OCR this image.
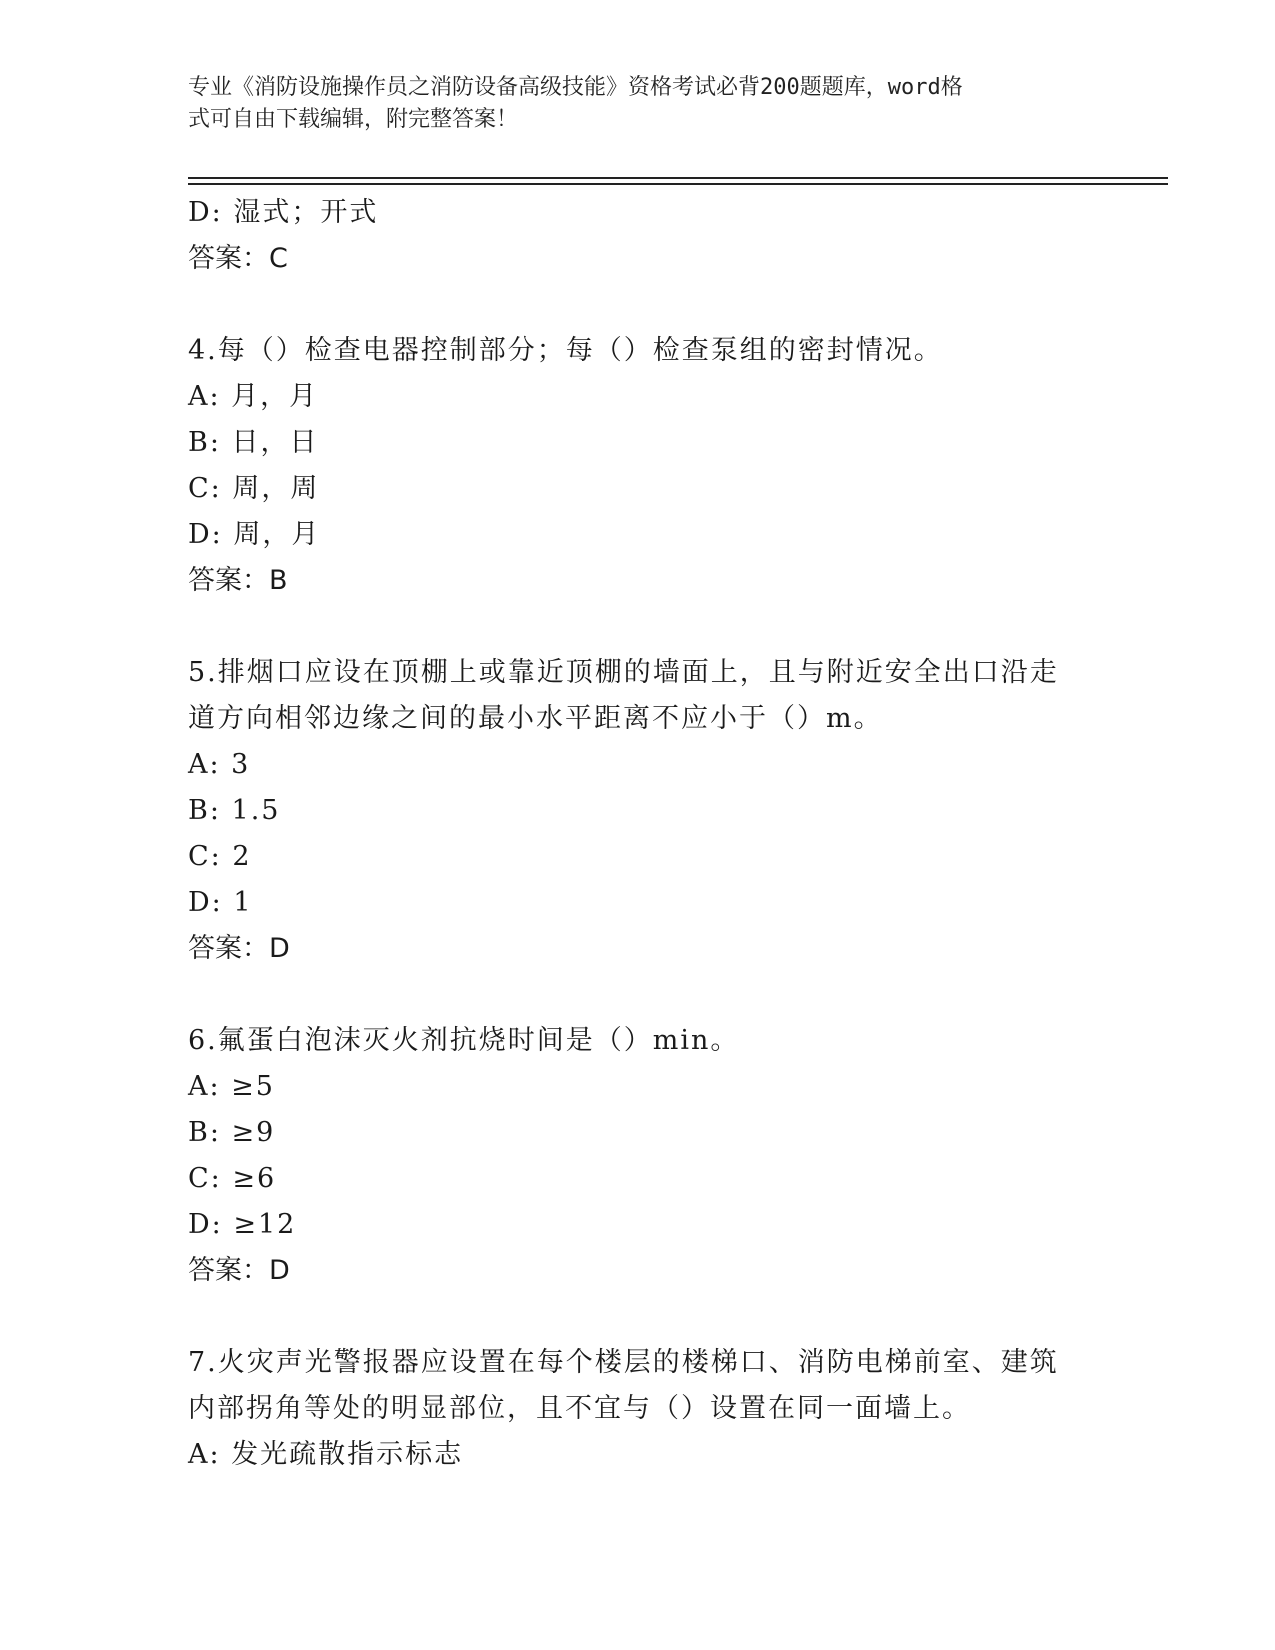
专业《消防设施操作员之消防设备高级技能》资格考试必背200题题库，word格
式可自由下载编辑，附完整答案！
D: 湿式；开式
答案：C
4.每（）检查电器控制部分；每（）检查泵组的密封情况。
A: 月，月
B: 日，日
C: 周，周
D: 周，月
答案：B
5.排烟口应设在顶棚上或靠近顶棚的墙面上，且与附近安全出口沿走
道方向相邻边缘之间的最小水平距离不应小于（）m。
A: 3
B: 1.5
C: 2
D: 1
答案：D
6.氟蛋白泡沫灭火剂抗烧时间是（）min。
A: ≥5
B: ≥9
C: ≥6
D: ≥12
答案：D
7.火灾声光警报器应设置在每个楼层的楼梯口、消防电梯前室、建筑
内部拐角等处的明显部位，且不宜与（）设置在同一面墙上。
A: 发光疏散指示标志
